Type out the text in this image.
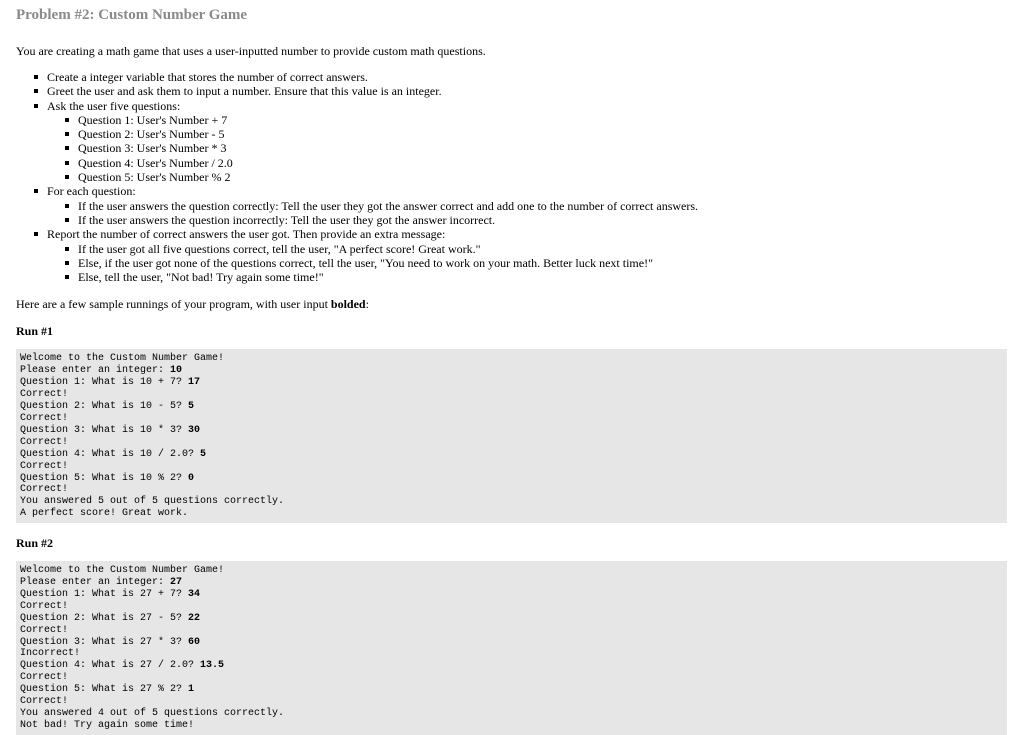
Problem #2: Custom Number Game

You are creating a math game that uses a user-inputted number to provide custom math questions.

Create a integer variable that stores the number of correct answers.
Greet the user and ask them to input a number. Ensure that this value is an integer.
Ask the user five questions:
Question 1: User's Number + 7
Question 2: User's Number - 5
Question 3: User's Number * 3
Question 4: User's Number / 2.0
Question 5: User's Number % 2
For each question:
If the user answers the question correctly: Tell the user they got the answer correct and add one to the number of correct answers.
If the user answers the question incorrectly: Tell the user they got the answer incorrect.
Report the number of correct answers the user got. Then provide an extra message:
If the user got all five questions correct, tell the user, "A perfect score! Great work."
Else, if the user got none of the questions correct, tell the user, "You need to work on your math. Better luck next time!"
Else, tell the user, "Not bad! Try again some time!"

Here are a few sample runnings of your program, with user input bolded:

Run #1
Welcome to the Custom Number Game!
Please enter an integer: 10
Question 1: What is 10 + 7? 17
Correct!
Question 2: What is 10 - 5? 5
Correct!
Question 3: What is 10 * 3? 30
Correct!
Question 4: What is 10 / 2.0? 5
Correct!
Question 5: What is 10 % 2? 0
Correct!
You answered 5 out of 5 questions correctly.
A perfect score! Great work.
Run #2
Welcome to the Custom Number Game!
Please enter an integer: 27
Question 1: What is 27 + 7? 34
Correct!
Question 2: What is 27 - 5? 22
Correct!
Question 3: What is 27 * 3? 60
Incorrect!
Question 4: What is 27 / 2.0? 13.5
Correct!
Question 5: What is 27 % 2? 1
Correct!
You answered 4 out of 5 questions correctly.
Not bad! Try again some time!
